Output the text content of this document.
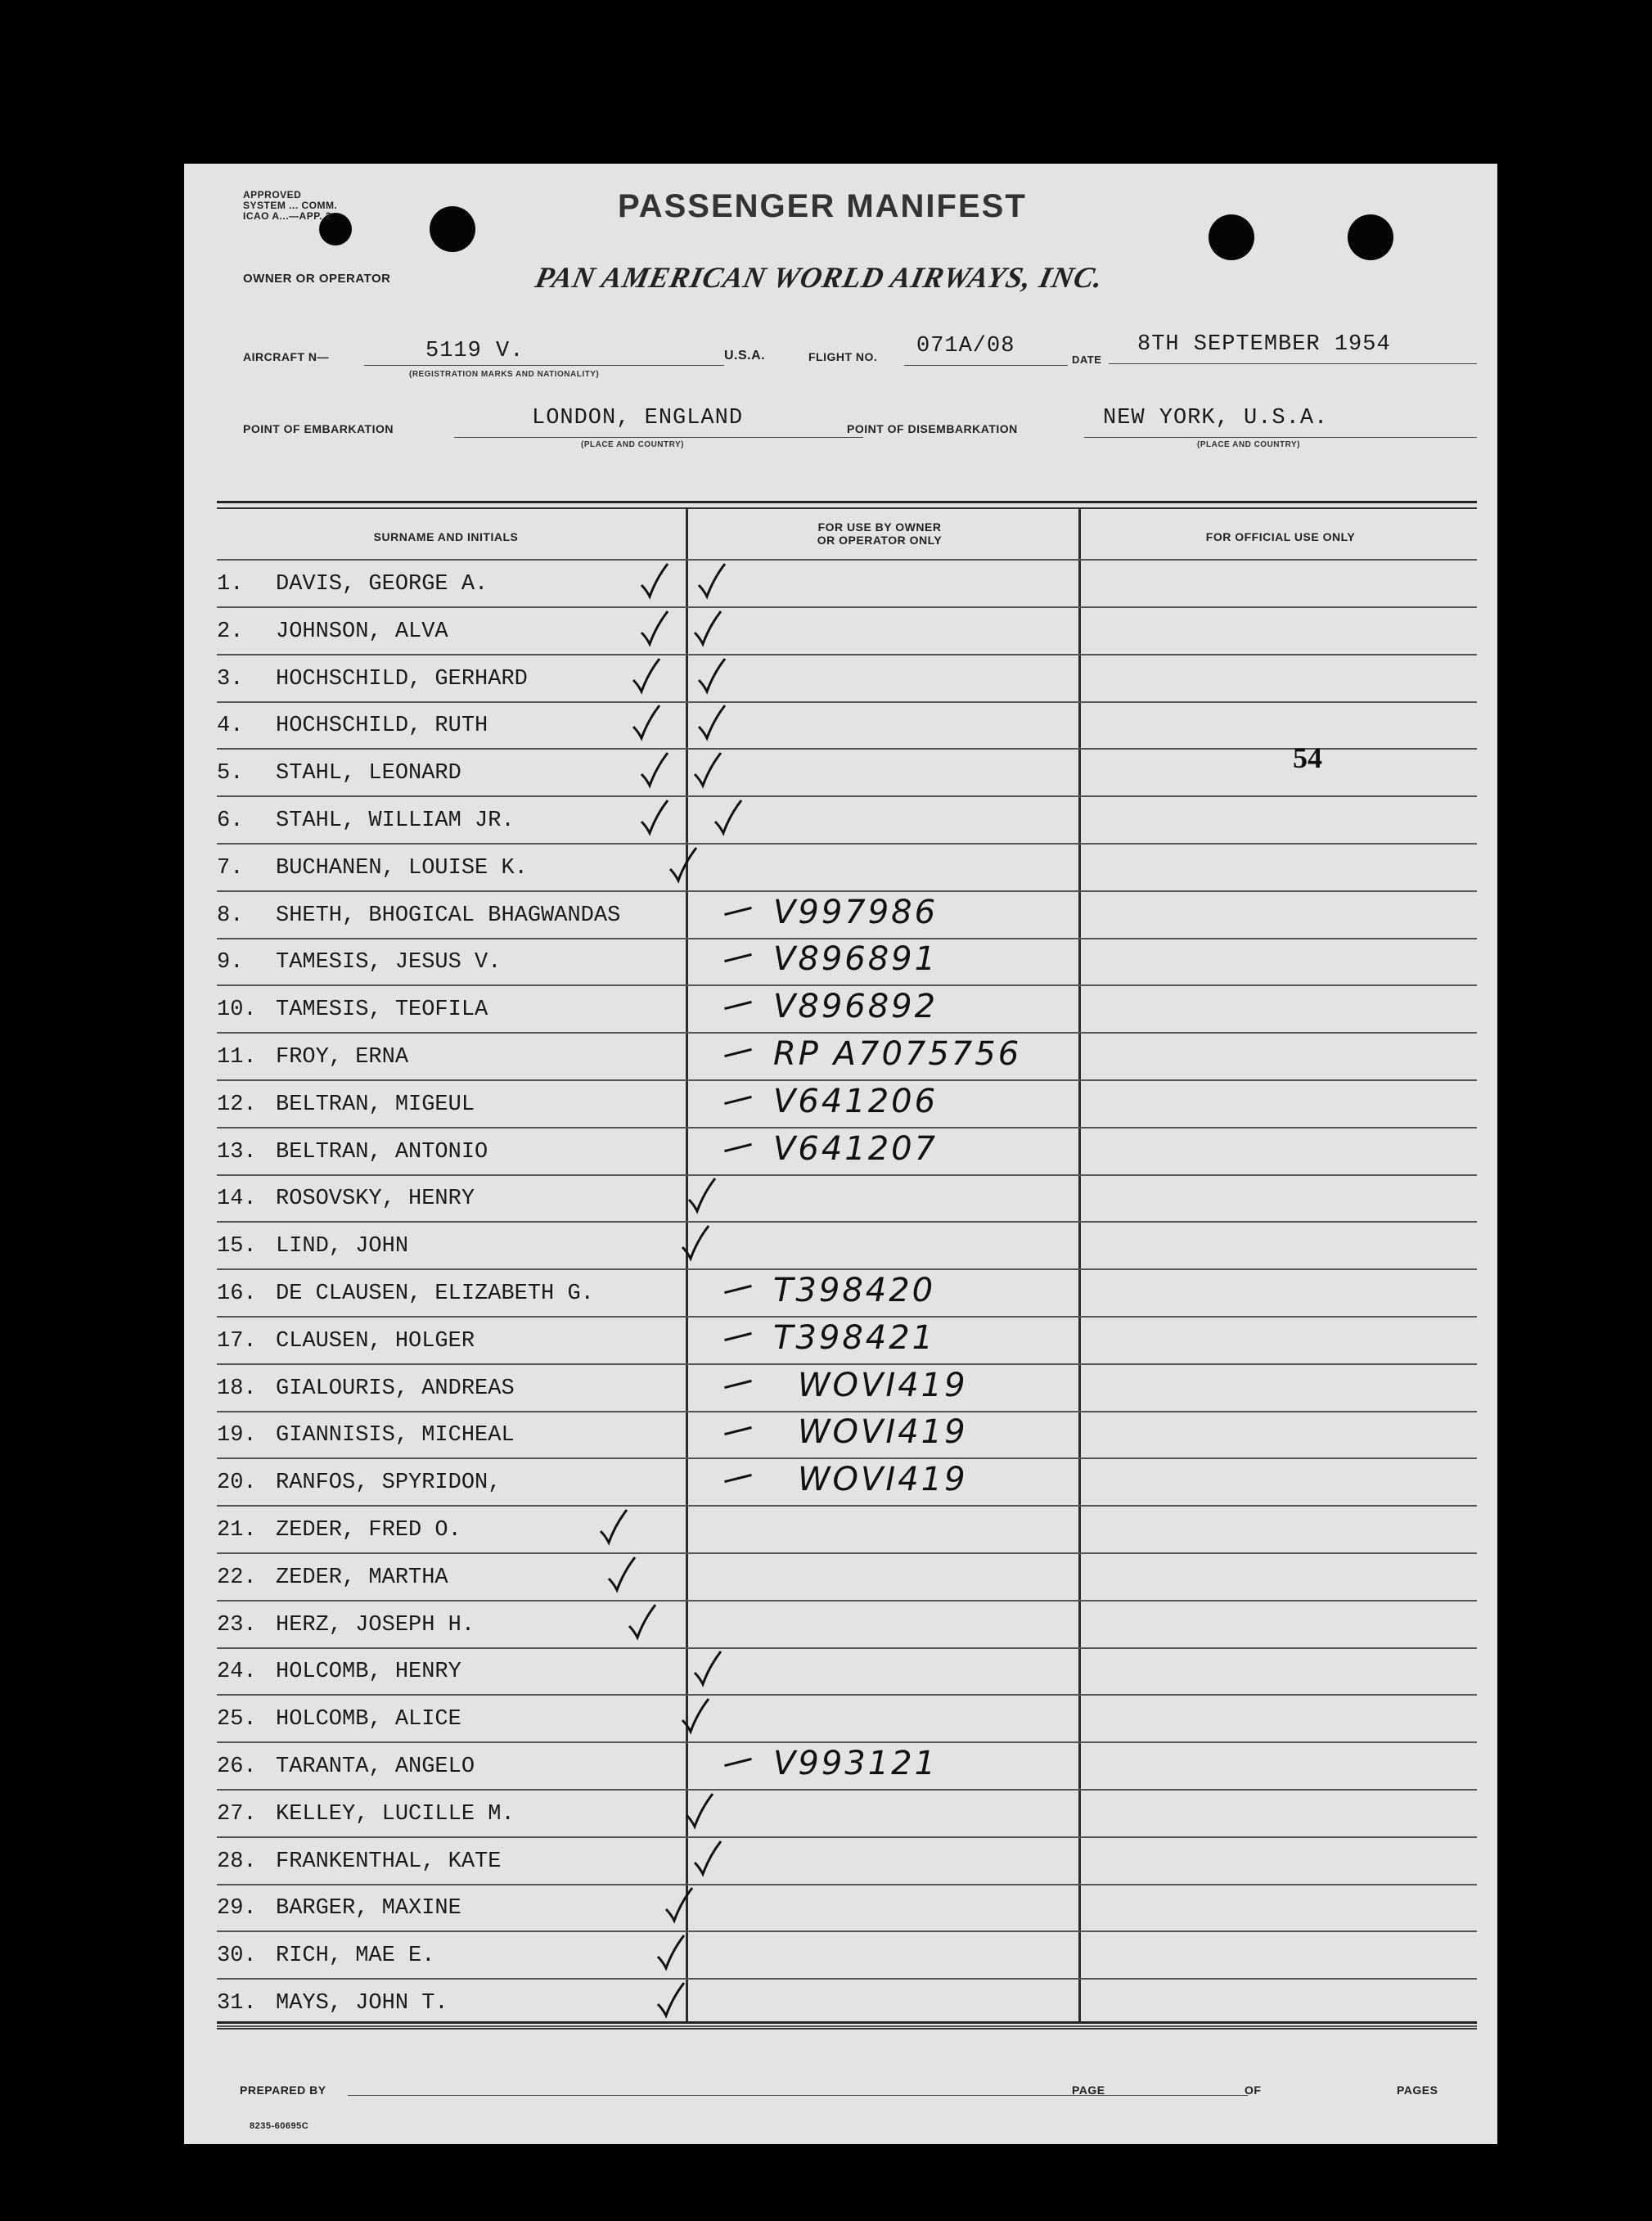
APPROVED
SYSTEM ... COMM.
ICAO A...—APP. 2	PASSENGER MANIFEST
OWNER OR OPERATOR	PAN AMERICAN WORLD AIRWAYS, INC.
AIRCRAFT N—	5119 V.
(REGISTRATION MARKS AND NATIONALITY)
U.S.A.	FLIGHT NO. 071A/08
DATE
8TH SEPTEMBER 1954
POINT OF EMBARKATION	LONDON, ENGLAND
(PLACE AND COUNTRY)
POINT OF DISEMBARKATION	NEW YORK, U.S.A.
(PLACE AND COUNTRY)
SURNAME AND INITIALS
FOR USE BY OWNER
OR OPERATOR ONLY	FOR OFFICIAL USE ONLY
1.	DAVIS, GEORGE A.
2.	JOHNSON, ALVA
3.	HOCHSCHILD, GERHARD
4.	HOCHSCHILD, RUTH
5.	STAHL, LEONARD
6.	STAHL, WILLIAM JR.
7.	BUCHANEN, LOUISE K.
8.	SHETH, BHOGICAL BHAGWANDAS	V997986
9.	TAMESIS, JESUS V.	V896891
10. TAMESIS, TEOFILA	V896892
11. FROY, ERNA	RP A7075756
12. BELTRAN, MIGEUL	V641206
13. BELTRAN, ANTONIO	V641207
14. ROSOVSKY, HENRY
15. LIND, JOHN
16. DE CLAUSEN, ELIZABETH G.	T398420
17. CLAUSEN, HOLGER	T398421
18. GIALOURIS, ANDREAS	WOVI419
19. GIANNISIS, MICHEAL	WOVI419
20. RANFOS, SPYRIDON,	WOVI419
21. ZEDER, FRED O.
22. ZEDER, MARTHA
23. HERZ, JOSEPH H.
24. HOLCOMB, HENRY
25. HOLCOMB, ALICE
26. TARANTA, ANGELO	V993121
27. KELLEY, LUCILLE M.
28. FRANKENTHAL, KATE
29. BARGER, MAXINE
30. RICH, MAE E.
31. MAYS, JOHN T.
54
PREPARED BY	PAGE	OF	PAGES
8235-60695C
